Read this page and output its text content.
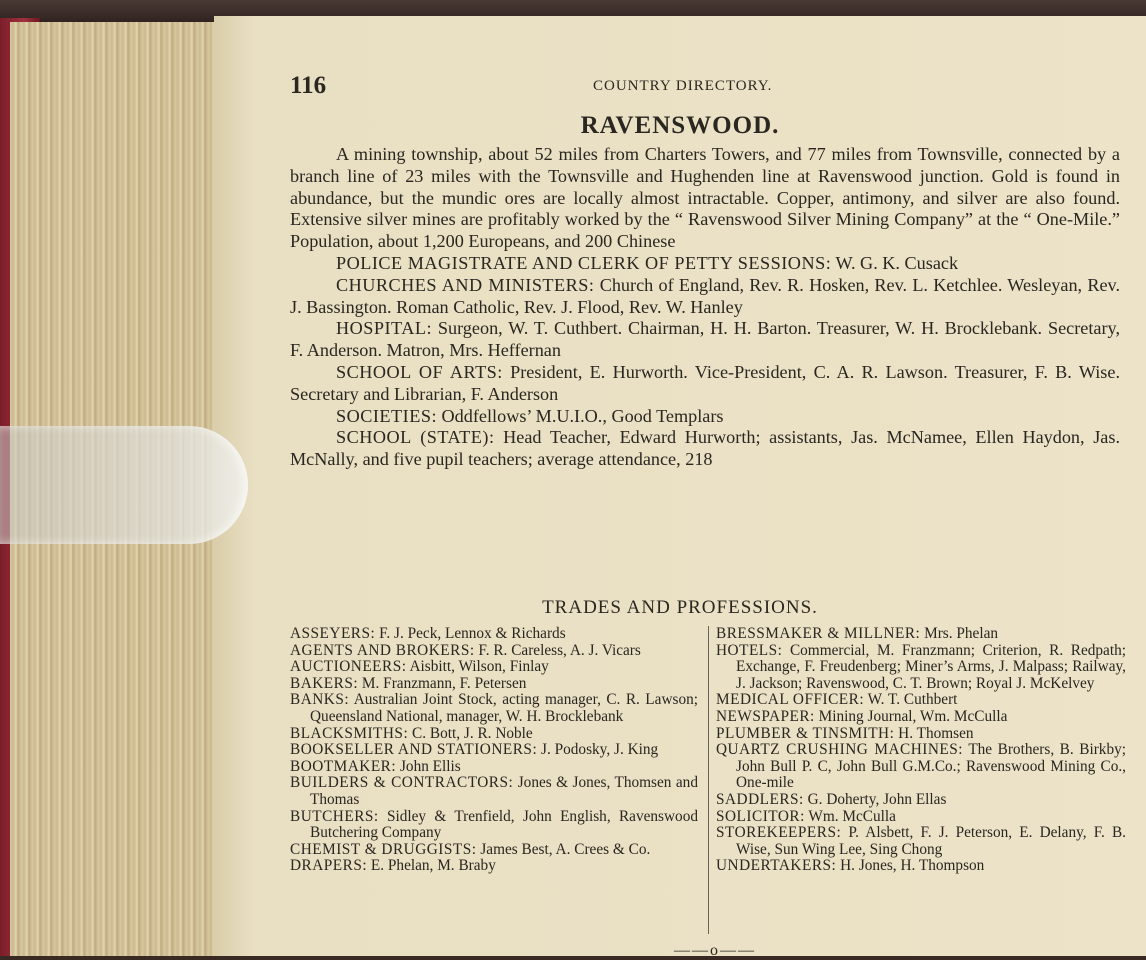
116	COUNTRY DIRECTORY.
RAVENSWOOD.

A mining township, about 52 miles from Charters Towers, and 77 miles from Townsville, connected by a branch line of 23 miles with the Townsville and Hughenden line at Ravenswood junction. Gold is found in abundance, but the mundic ores are locally almost intractable. Copper, antimony, and silver are also found. Extensive silver mines are profitably worked by the “ Ravenswood Silver Mining Company” at the “ One-Mile.” Population, about 1,200 Europeans, and 200 Chinese

POLICE MAGISTRATE AND CLERK OF PETTY SESSIONS: W. G. K. Cusack

CHURCHES AND MINISTERS: Church of England, Rev. R. Hosken, Rev. L. Ketchlee. Wesleyan, Rev. J. Bassington. Roman Catholic, Rev. J. Flood, Rev. W. Hanley

HOSPITAL: Surgeon, W. T. Cuthbert. Chairman, H. H. Barton. Treasurer, W. H. Brocklebank. Secretary, F. Anderson. Matron, Mrs. Heffernan

SCHOOL OF ARTS: President, E. Hurworth. Vice-President, C. A. R. Lawson. Treasurer, F. B. Wise. Secretary and Librarian, F. Anderson

SOCIETIES: Oddfellows’ M.U.I.O., Good Templars

SCHOOL (STATE): Head Teacher, Edward Hurworth; assistants, Jas. McNamee, Ellen Haydon, Jas. McNally, and five pupil teachers; average attendance, 218

TRADES AND PROFESSIONS.

ASSEYERS: F. J. Peck, Lennox & Richards

AGENTS AND BROKERS: F. R. Careless, A. J. Vicars

AUCTIONEERS: Aisbitt, Wilson, Finlay

BAKERS: M. Franzmann, F. Petersen

BANKS: Australian Joint Stock, acting manager, C. R. Lawson; Queensland National, manager, W. H. Brocklebank

BLACKSMITHS: C. Bott, J. R. Noble

BOOKSELLER AND STATIONERS: J. Podosky, J. King

BOOTMAKER: John Ellis

BUILDERS & CONTRACTORS: Jones & Jones, Thomsen and Thomas

BUTCHERS: Sidley & Trenfield, John English, Ravenswood Butchering Company

CHEMIST & DRUGGISTS: James Best, A. Crees & Co.

DRAPERS: E. Phelan, M. Braby

BRESSMAKER & MILLNER: Mrs. Phelan

HOTELS: Commercial, M. Franzmann; Criterion, R. Redpath; Exchange, F. Freudenberg; Miner’s Arms, J. Malpass; Railway, J. Jackson; Ravenswood, C. T. Brown; Royal J. McKelvey

MEDICAL OFFICER: W. T. Cuthbert

NEWSPAPER: Mining Journal, Wm. McCulla

PLUMBER & TINSMITH: H. Thomsen

QUARTZ CRUSHING MACHINES: The Brothers, B. Birkby; John Bull P. C, John Bull G.M.Co.; Ravenswood Mining Co., One-mile

SADDLERS: G. Doherty, John Ellas

SOLICITOR: Wm. McCulla

STOREKEEPERS: P. Alsbett, F. J. Peterson, E. Delany, F. B. Wise, Sun Wing Lee, Sing Chong

UNDERTAKERS: H. Jones, H. Thompson

——o——
